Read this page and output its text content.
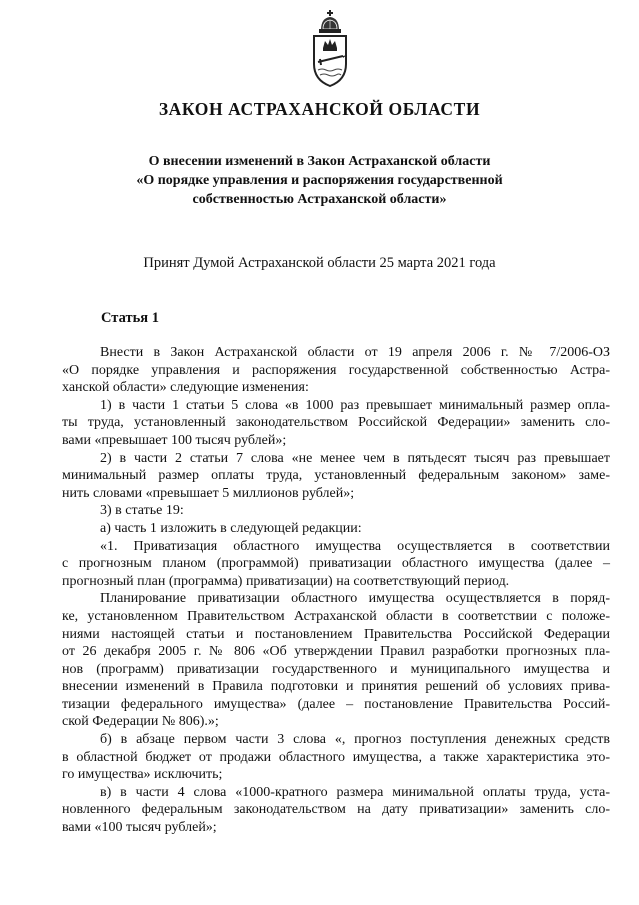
ЗАКОН АСТРАХАНСКОЙ ОБЛАСТИ
О внесении изменений в Закон Астраханской области
«О порядке управления и распоряжения государственной
собственностью Астраханской области»
Принят Думой Астраханской области 25 марта 2021 года
Статья 1
Внести в Закон Астраханской области от 19 апреля 2006 г. № 7/2006-ОЗ
«О порядке управления и распоряжения государственной собственностью Астра-
ханской области» следующие изменения:
1) в части 1 статьи 5 слова «в 1000 раз превышает минимальный размер опла-
ты труда, установленный законодательством Российской Федерации» заменить сло-
вами «превышает 100 тысяч рублей»;
2) в части 2 статьи 7 слова «не менее чем в пятьдесят тысяч раз превышает
минимальный размер оплаты труда, установленный федеральным законом» заме-
нить словами «превышает 5 миллионов рублей»;
3) в статье 19:
а) часть 1 изложить в следующей редакции:
«1. Приватизация областного имущества осуществляется в соответствии
с прогнозным планом (программой) приватизации областного имущества (далее –
прогнозный план (программа) приватизации) на соответствующий период.
Планирование приватизации областного имущества осуществляется в поряд-
ке, установленном Правительством Астраханской области в соответствии с положе-
ниями настоящей статьи и постановлением Правительства Российской Федерации
от 26 декабря 2005 г. № 806 «Об утверждении Правил разработки прогнозных пла-
нов (программ) приватизации государственного и муниципального имущества и
внесении изменений в Правила подготовки и принятия решений об условиях прива-
тизации федерального имущества» (далее – постановление Правительства Россий-
ской Федерации № 806).»;
б) в абзаце первом части 3 слова «, прогноз поступления денежных средств
в областной бюджет от продажи областного имущества, а также характеристика это-
го имущества» исключить;
в) в части 4 слова «1000-кратного размера минимальной оплаты труда, уста-
новленного федеральным законодательством на дату приватизации» заменить сло-
вами «100 тысяч рублей»;
